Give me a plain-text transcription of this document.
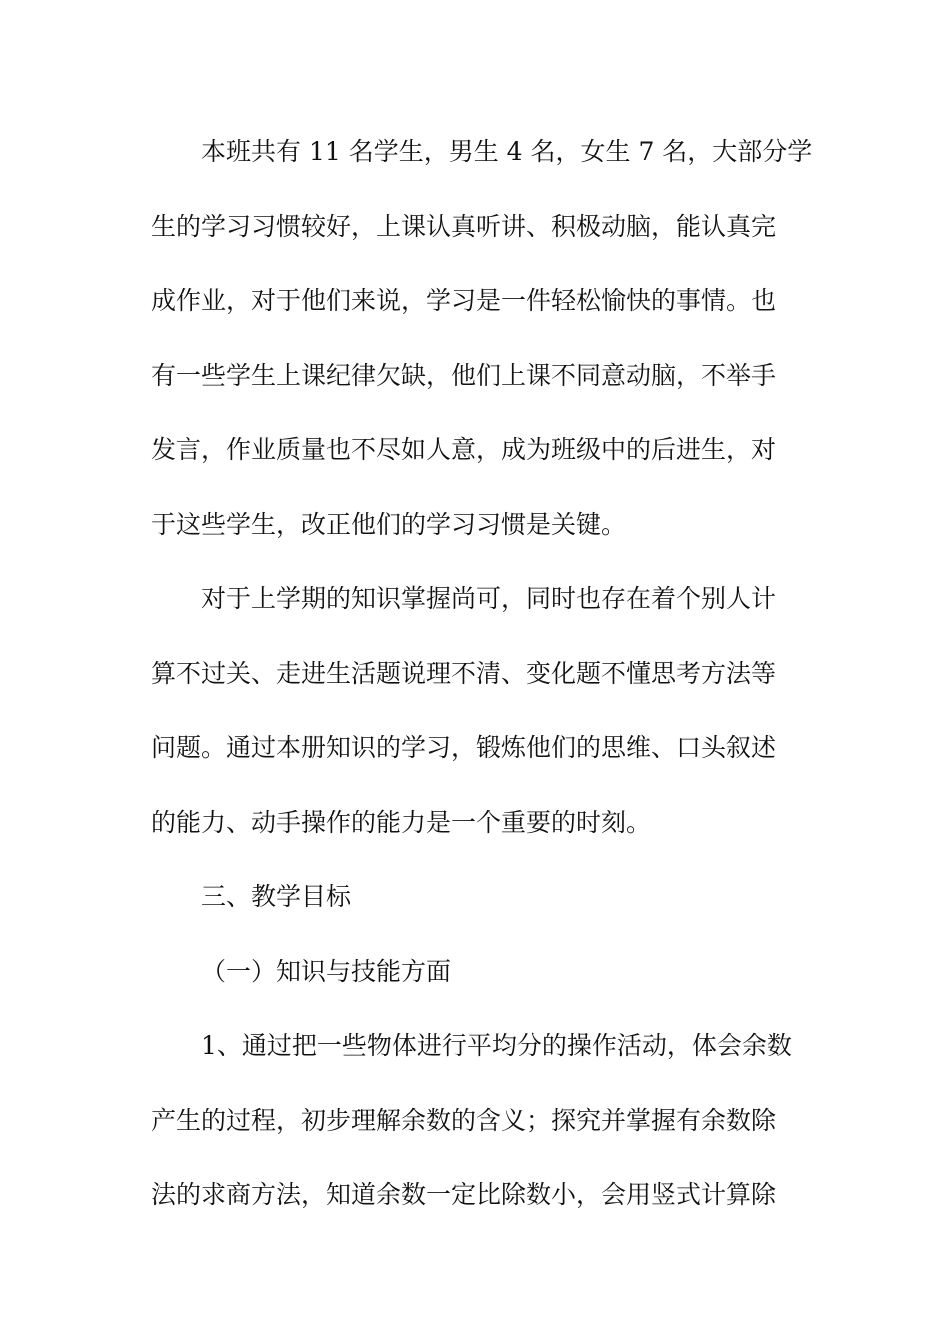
本班共有 11 名学生，男生 4 名，女生 7 名，大部分学
生的学习习惯较好，上课认真听讲、积极动脑，能认真完
成作业，对于他们来说，学习是一件轻松愉快的事情。也
有一些学生上课纪律欠缺，他们上课不同意动脑，不举手
发言，作业质量也不尽如人意，成为班级中的后进生，对
于这些学生，改正他们的学习习惯是关键。

对于上学期的知识掌握尚可，同时也存在着个别人计
算不过关、走进生活题说理不清、变化题不懂思考方法等
问题。通过本册知识的学习，锻炼他们的思维、口头叙述
的能力、动手操作的能力是一个重要的时刻。

三、教学目标

（一）知识与技能方面

1、通过把一些物体进行平均分的操作活动，体会余数
产生的过程，初步理解余数的含义；探究并掌握有余数除
法的求商方法，知道余数一定比除数小，会用竖式计算除
